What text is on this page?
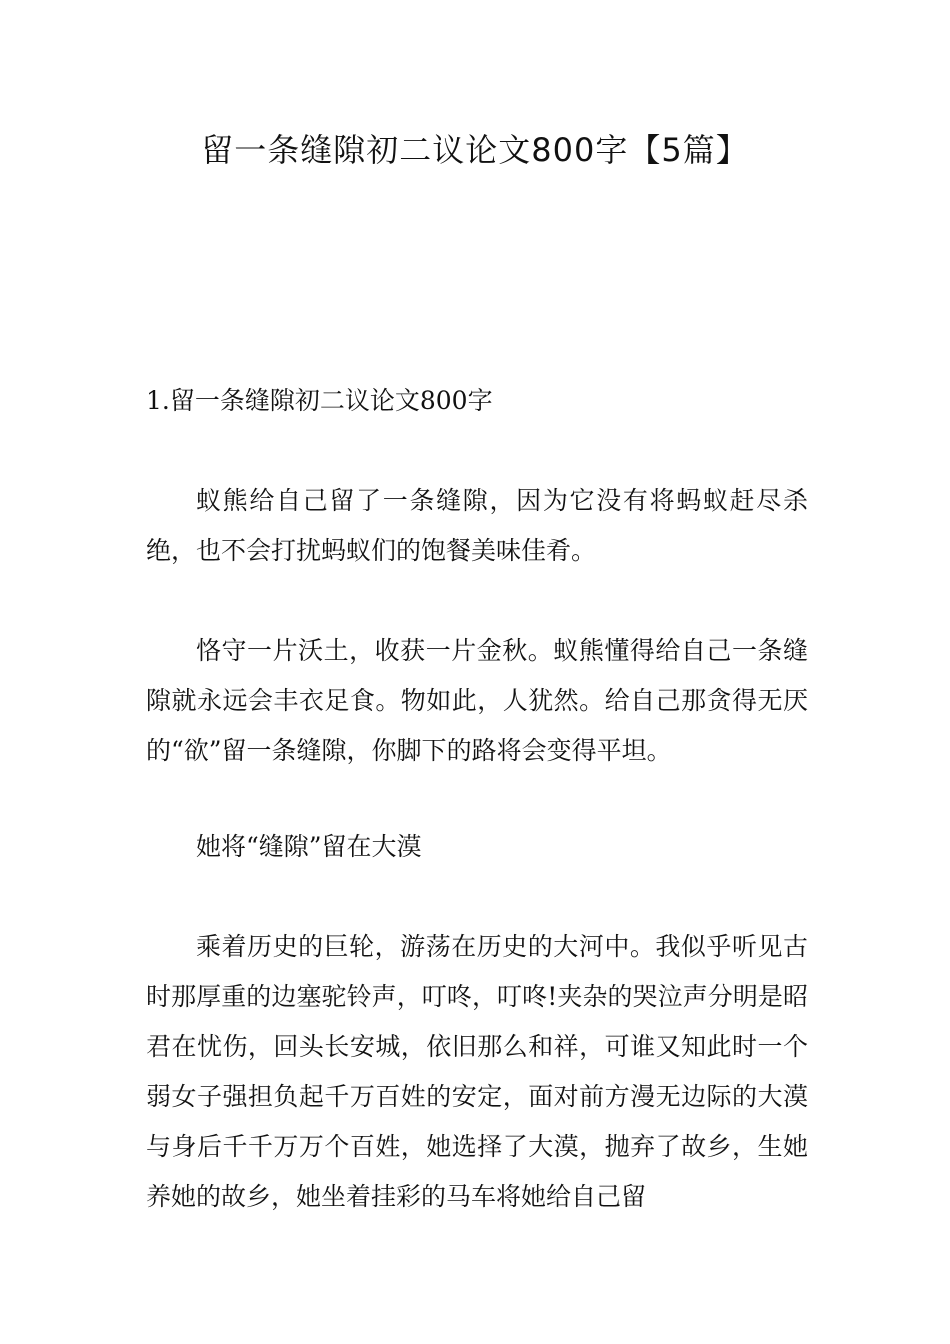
留一条缝隙初二议论文800字【5篇】
1.留一条缝隙初二议论文800字
蚁熊给自己留了一条缝隙，因为它没有将蚂蚁赶尽杀绝，也不会打扰蚂蚁们的饱餐美味佳肴。
恪守一片沃土，收获一片金秋。蚁熊懂得给自己一条缝隙就永远会丰衣足食。物如此，人犹然。给自己那贪得无厌的“欲”留一条缝隙，你脚下的路将会变得平坦。
她将“缝隙”留在大漠
乘着历史的巨轮，游荡在历史的大河中。我似乎听见古时那厚重的边塞驼铃声，叮咚，叮咚!夹杂的哭泣声分明是昭君在忧伤，回头长安城，依旧那么和祥，可谁又知此时一个弱女子强担负起千万百姓的安定，面对前方漫无边际的大漠与身后千千万万个百姓，她选择了大漠，抛弃了故乡，生她养她的故乡，她坐着挂彩的马车将她给自己留
